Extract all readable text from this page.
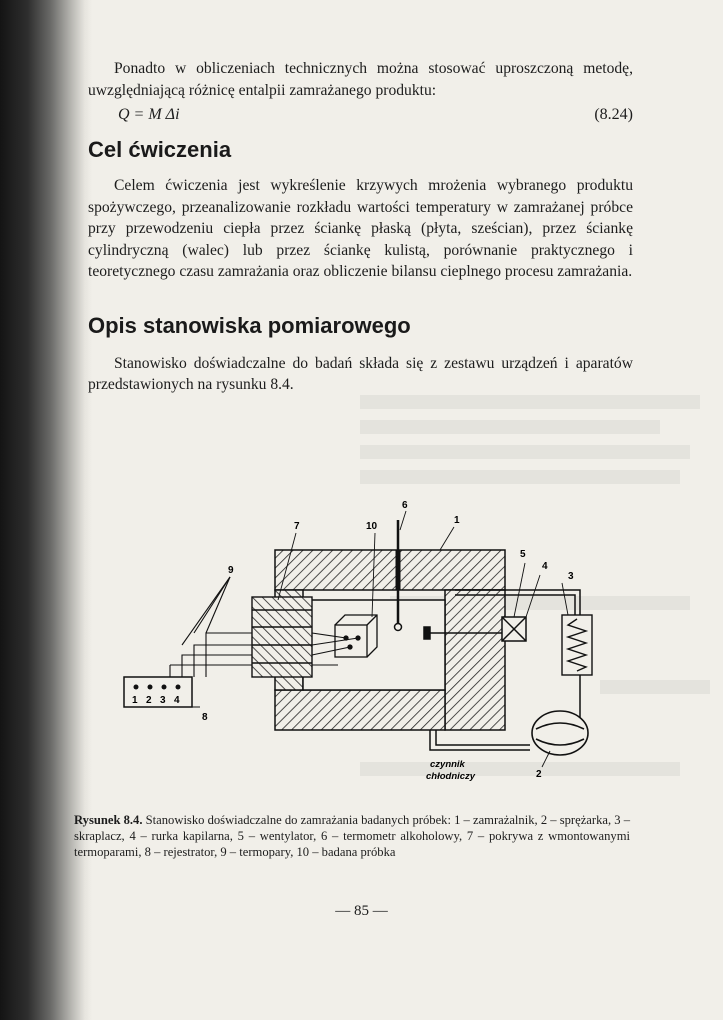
Ponadto w obliczeniach technicznych można stosować uproszczoną metodę, uwzględniającą różnicę entalpii zamrażanego produktu:

Q = M Δi	(8.24)
Cel ćwiczenia

Celem ćwiczenia jest wykreślenie krzywych mrożenia wybranego produktu spożywczego, przeanalizowanie rozkładu wartości temperatury w zamrażanej próbce przy przewodzeniu ciepła przez ściankę płaską (płyta, sześcian), przez ściankę cylindryczną (walec) lub przez ściankę kulistą, porównanie praktycznego i teoretycznego czasu zamrażania oraz obliczenie bilansu cieplnego procesu zamrażania.

Opis stanowiska pomiarowego

Stanowisko doświadczalne do badań składa się z zestawu urządzeń i aparatów przedstawionych na rysunku 8.4.

1 2 3 4
czynnik
chłodniczy
1
2
3
4
5
6
7
8
9
10
Rysunek 8.4. Stanowisko doświadczalne do zamrażania badanych próbek: 1 – zamrażalnik, 2 – sprężarka, 3 – skraplacz, 4 – rurka kapilarna, 5 – wentylator, 6 – termometr alkoholowy, 7 – pokrywa z wmontowanymi termoparami, 8 – rejestrator, 9 – termopary, 10 – badana próbka
— 85 —
